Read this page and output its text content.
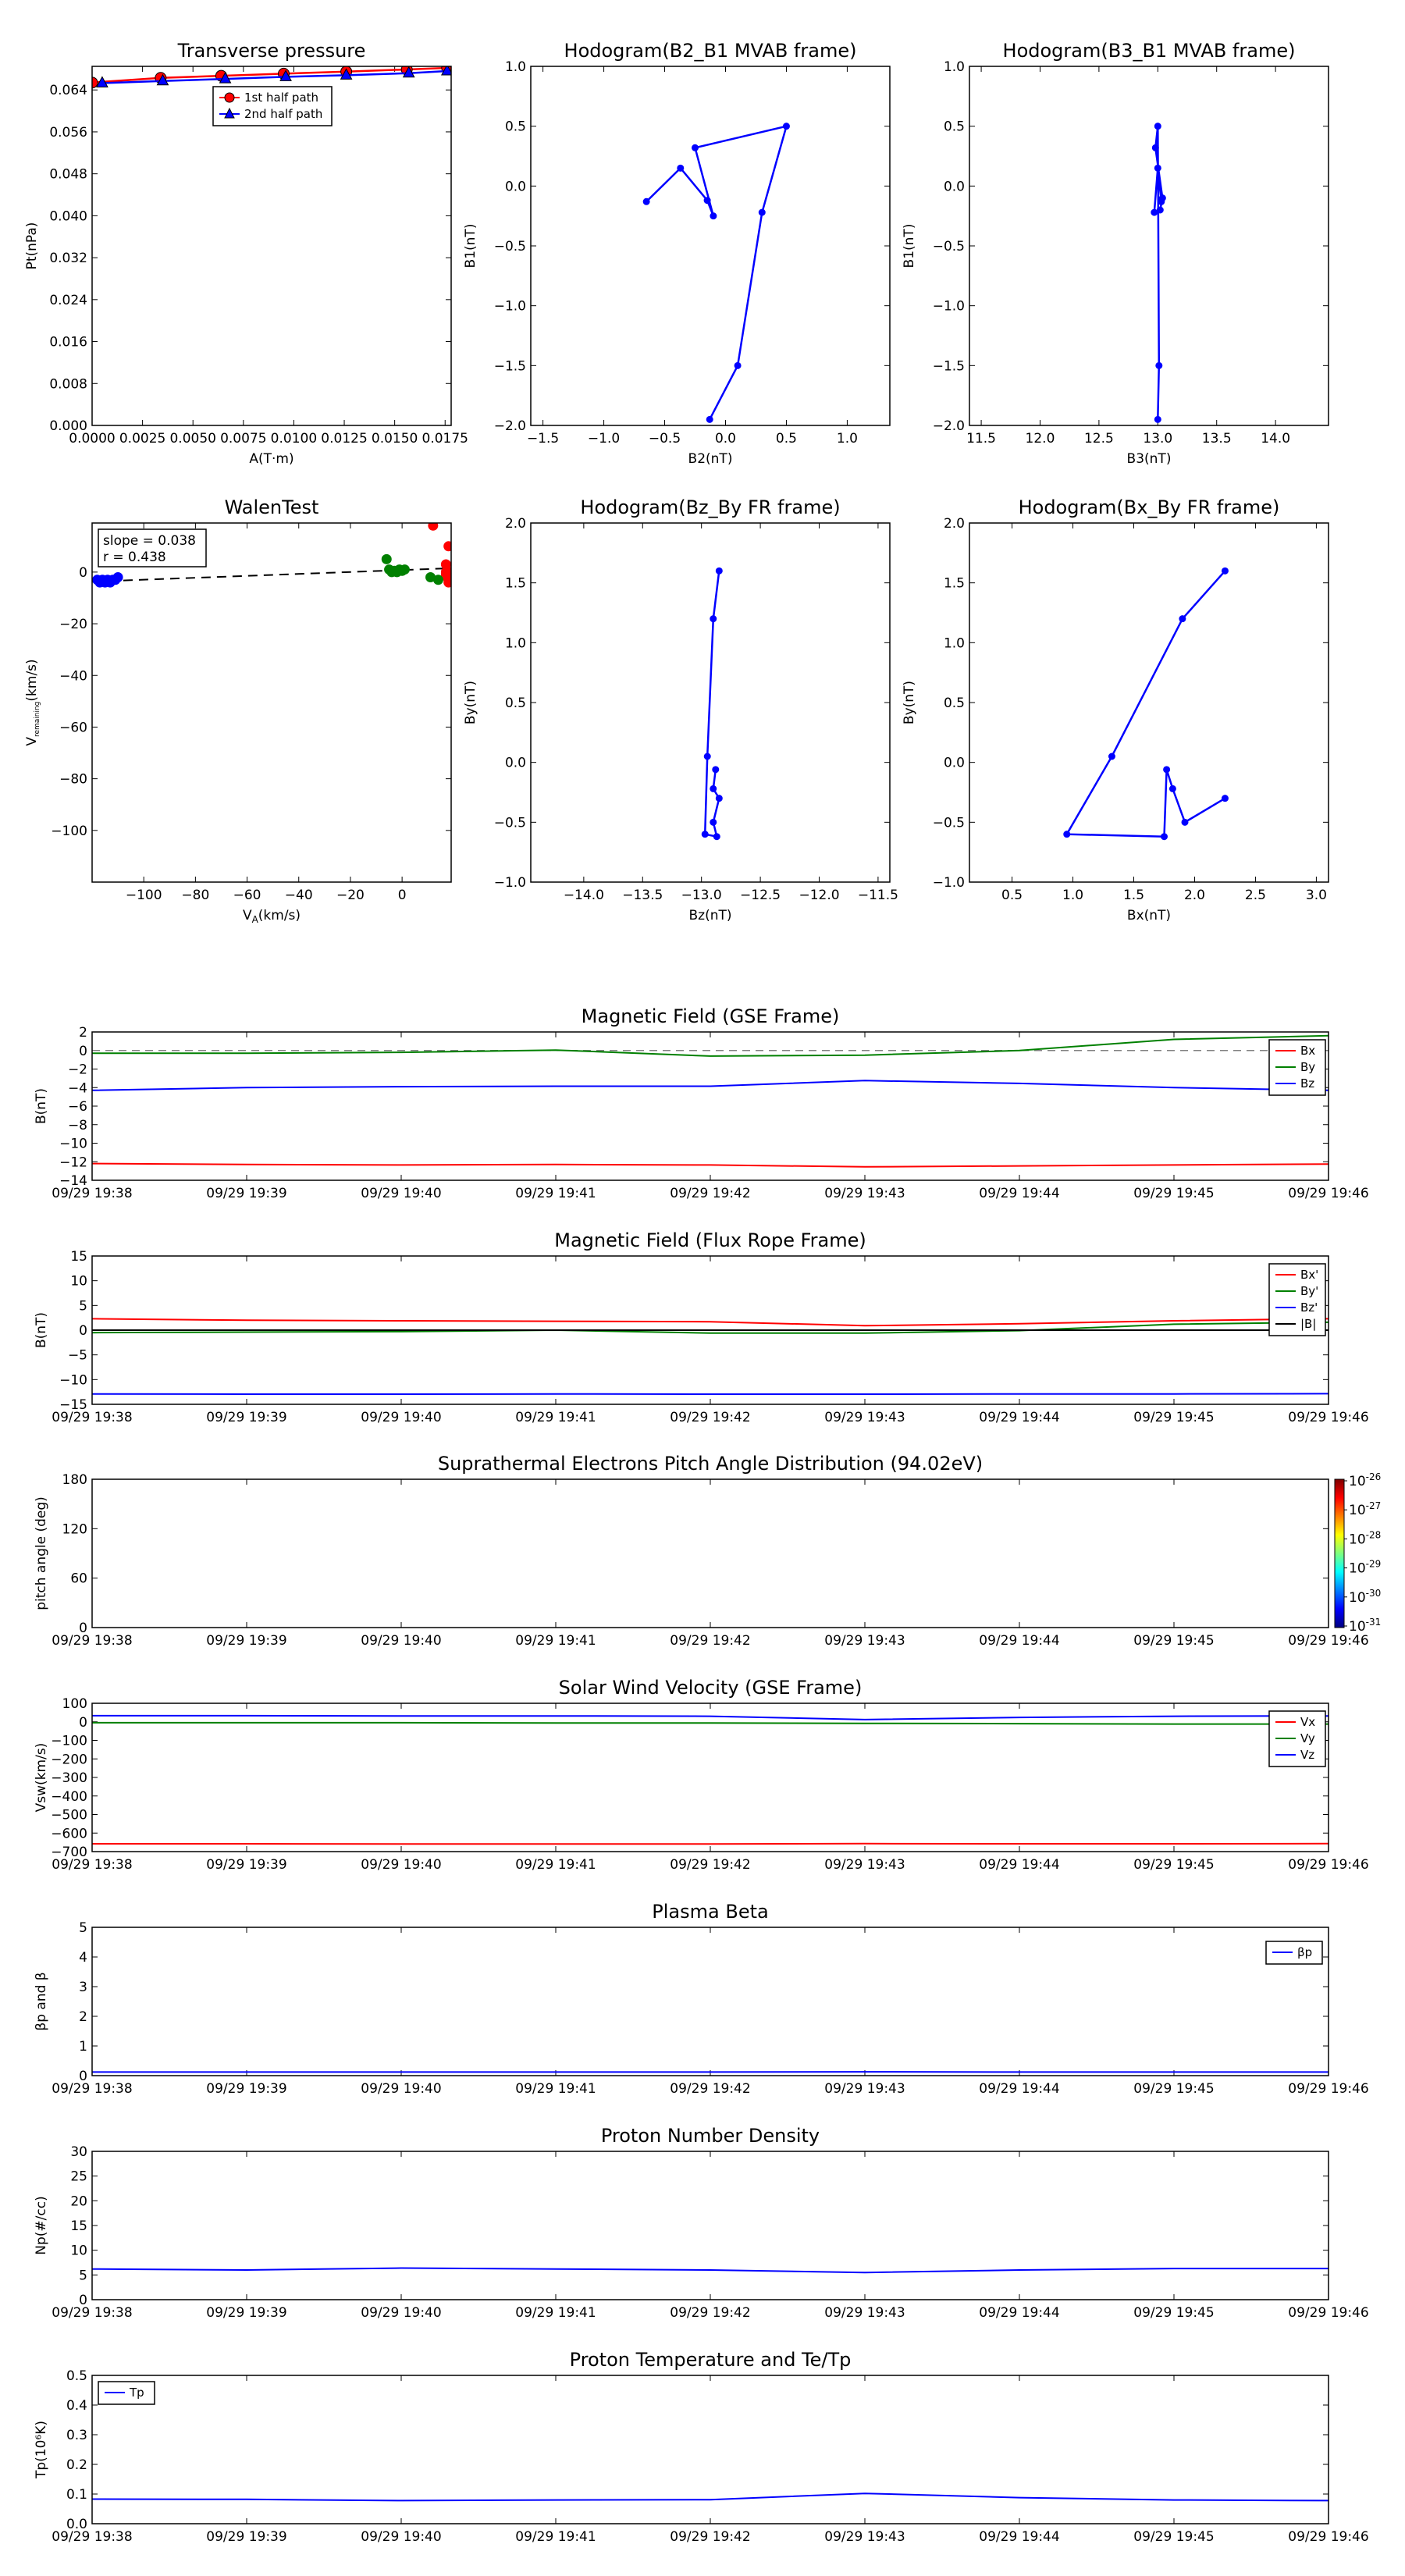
Transverse pressure
0.000
0.008
0.016
0.024
0.032
0.040
0.048
0.056
0.064
0.0000 0.0025 0.0050 0.0075 0.0100 0.0125 0.0150 0.0175
A(T·m)
Pt(nPa)
1st half path
2nd half path
Hodogram(B2_B1 MVAB frame)
−2.0
−1.5
−1.0
−0.5
0.0
0.5
1.0
−1.5 −1.0 −0.5	0.0	0.5	1.0
B2(nT)
B1(nT)
Hodogram(B3_B1 MVAB frame)
−2.0
−1.5
−1.0
−0.5
0.0
0.5
1.0
11.5 12.0 12.5 13.0 13.5 14.0
B3(nT)
B1(nT)
WalenTest
−100
−80
−60
−40
−20
0
−100 −80 −60 −40 −20	0
$V_A(km/s)$
$V_{remaining}(km/s)$
slope = 0.038
r = 0.438
Hodogram(Bz_By FR frame)
−1.0
−0.5
0.0
0.5
1.0
1.5
2.0
−14.0 −13.5 −13.0 −12.5 −12.0 −11.5
Bz(nT)
By(nT)
Hodogram(Bx_By FR frame)
−1.0
−0.5
0.0
0.5
1.0
1.5
2.0
0.5	1.0	1.5	2.0	2.5	3.0
Bx(nT)
By(nT)
Magnetic Field (GSE Frame)
−14
−12
−10
−8
−6
−4
−2
0
2
09/29 19:38	09/29 19:39	09/29 19:40	09/29 19:41	09/29 19:42	09/29 19:43	09/29 19:44	09/29 19:45	09/29 19:46
B(nT)
Bx
By
Bz
Magnetic Field (Flux Rope Frame)
−15
−10
−5
0
5
10
15
09/29 19:38	09/29 19:39	09/29 19:40	09/29 19:41	09/29 19:42	09/29 19:43	09/29 19:44	09/29 19:45	09/29 19:46
B(nT)
Bx'
By'
Bz'
|B|
Suprathermal Electrons Pitch Angle Distribution (94.02eV)
$10^{-26}$
$10^{-27}$
$10^{-28}$
$10^{-29}$
$10^{-30}$
$10^{-31}$
0
60
120
180
09/29 19:38	09/29 19:39	09/29 19:40	09/29 19:41	09/29 19:42	09/29 19:43	09/29 19:44	09/29 19:45	09/29 19:46
pitch angle (deg)
Solar Wind Velocity (GSE Frame)
−700
−600
−500
−400
−300
−200
−100
0
100
09/29 19:38	09/29 19:39	09/29 19:40	09/29 19:41	09/29 19:42	09/29 19:43	09/29 19:44	09/29 19:45	09/29 19:46
Vsw(km/s)
Vx
Vy
Vz
Plasma Beta
0
1
2
3
4
5
09/29 19:38	09/29 19:39	09/29 19:40	09/29 19:41	09/29 19:42	09/29 19:43	09/29 19:44	09/29 19:45	09/29 19:46
βp and β
βp
Proton Number Density
0
5
10
15
20
25
30
09/29 19:38	09/29 19:39	09/29 19:40	09/29 19:41	09/29 19:42	09/29 19:43	09/29 19:44	09/29 19:45	09/29 19:46
Np(#/cc)
Proton Temperature and Te/Tp
0.0
0.1
0.2
0.3
0.4
0.5
09/29 19:38	09/29 19:39	09/29 19:40	09/29 19:41	09/29 19:42	09/29 19:43	09/29 19:44	09/29 19:45	09/29 19:46
Tp(10⁶K)
Tp
